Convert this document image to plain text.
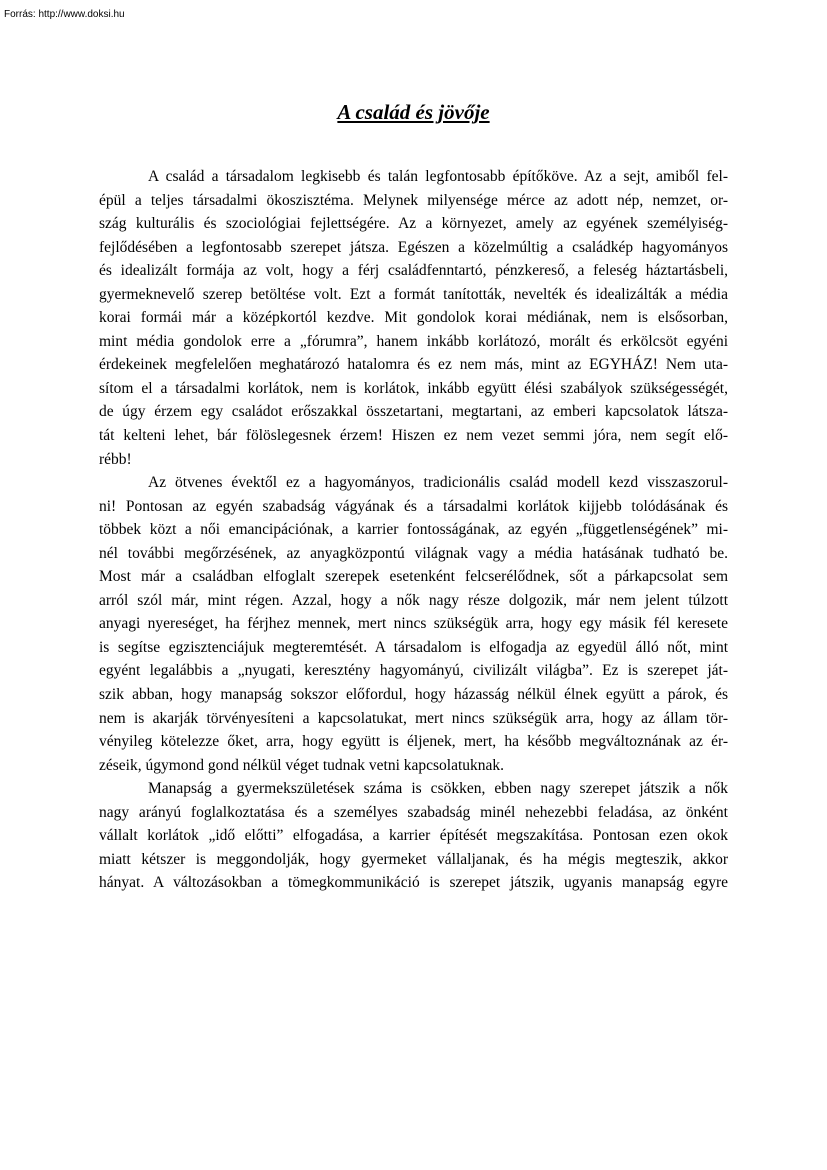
Forrás: http://www.doksi.hu
A család és jövője
A család a társadalom legkisebb és talán legfontosabb építőköve. Az a sejt, amiből fel-
épül a teljes társadalmi ökoszisztéma. Melynek milyensége mérce az adott nép, nemzet, or-
szág kulturális és szociológiai fejlettségére. Az a környezet, amely az egyének személyiség-
fejlődésében a legfontosabb szerepet játsza. Egészen a közelmúltig a családkép hagyományos
és idealizált formája az volt, hogy a férj családfenntartó, pénzkereső, a feleség háztartásbeli,
gyermeknevelő szerep betöltése volt. Ezt a formát tanították, nevelték és idealizálták a média
korai formái már a középkortól kezdve. Mit gondolok korai médiának, nem is elsősorban,
mint média gondolok erre a „fórumra”, hanem inkább korlátozó, morált és erkölcsöt egyéni
érdekeinek megfelelően meghatározó hatalomra és ez nem más, mint az EGYHÁZ! Nem uta-
sítom el a társadalmi korlátok, nem is korlátok, inkább együtt élési szabályok szükségességét,
de úgy érzem egy családot erőszakkal összetartani, megtartani, az emberi kapcsolatok látsza-
tát kelteni lehet, bár fölöslegesnek érzem! Hiszen ez nem vezet semmi jóra, nem segít elő-
rébb!
Az ötvenes évektől ez a hagyományos, tradicionális család modell kezd visszaszorul-
ni! Pontosan az egyén szabadság vágyának és a társadalmi korlátok kijjebb tolódásának és
többek közt a női emancipációnak, a karrier fontosságának, az egyén „függetlenségének” mi-
nél további megőrzésének, az anyagközpontú világnak vagy a média hatásának tudható be.
Most már a családban elfoglalt szerepek esetenként felcserélődnek, sőt a párkapcsolat sem
arról szól már, mint régen. Azzal, hogy a nők nagy része dolgozik, már nem jelent túlzott
anyagi nyereséget, ha férjhez mennek, mert nincs szükségük arra, hogy egy másik fél keresete
is segítse egzisztenciájuk megteremtését. A társadalom is elfogadja az egyedül álló nőt, mint
egyént legalábbis a „nyugati, keresztény hagyományú, civilizált világba”. Ez is szerepet ját-
szik abban, hogy manapság sokszor előfordul, hogy házasság nélkül élnek együtt a párok, és
nem is akarják törvényesíteni a kapcsolatukat, mert nincs szükségük arra, hogy az állam tör-
vényileg kötelezze őket, arra, hogy együtt is éljenek, mert, ha később megváltoznának az ér-
zéseik, úgymond gond nélkül véget tudnak vetni kapcsolatuknak.
Manapság a gyermekszületések száma is csökken, ebben nagy szerepet játszik a nők
nagy arányú foglalkoztatása és a személyes szabadság minél nehezebbi feladása, az önként
vállalt korlátok „idő előtti” elfogadása, a karrier építését megszakítása. Pontosan ezen okok
miatt kétszer is meggondolják, hogy gyermeket vállaljanak, és ha mégis megteszik, akkor
hányat. A változásokban a tömegkommunikáció is szerepet játszik, ugyanis manapság egyre
